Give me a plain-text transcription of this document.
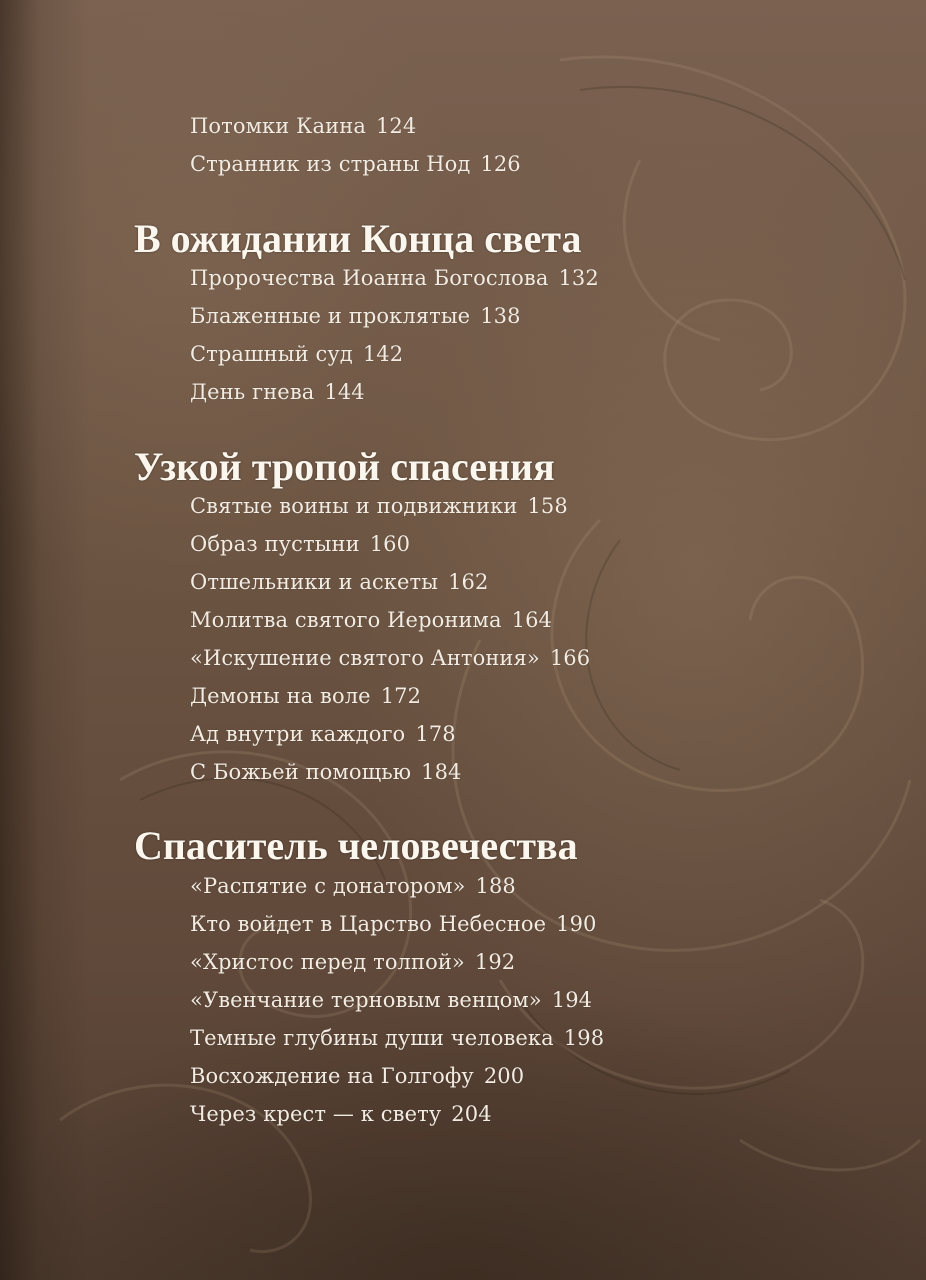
Потомки Каина 124
Странник из страны Нод 126
В ожидании Конца света
Пророчества Иоанна Богослова 132
Блаженные и проклятые 138
Страшный суд 142
День гнева 144
Узкой тропой спасения
Святые воины и подвижники 158
Образ пустыни 160
Отшельники и аскеты 162
Молитва святого Иеронима 164
«Искушение святого Антония» 166
Демоны на воле 172
Ад внутри каждого 178
С Божьей помощью 184
Спаситель человечества
«Распятие с донатором» 188
Кто войдет в Царство Небесное 190
«Христос перед толпой» 192
«Увенчание терновым венцом» 194
Темные глубины души человека 198
Восхождение на Голгофу 200
Через крест — к свету 204
